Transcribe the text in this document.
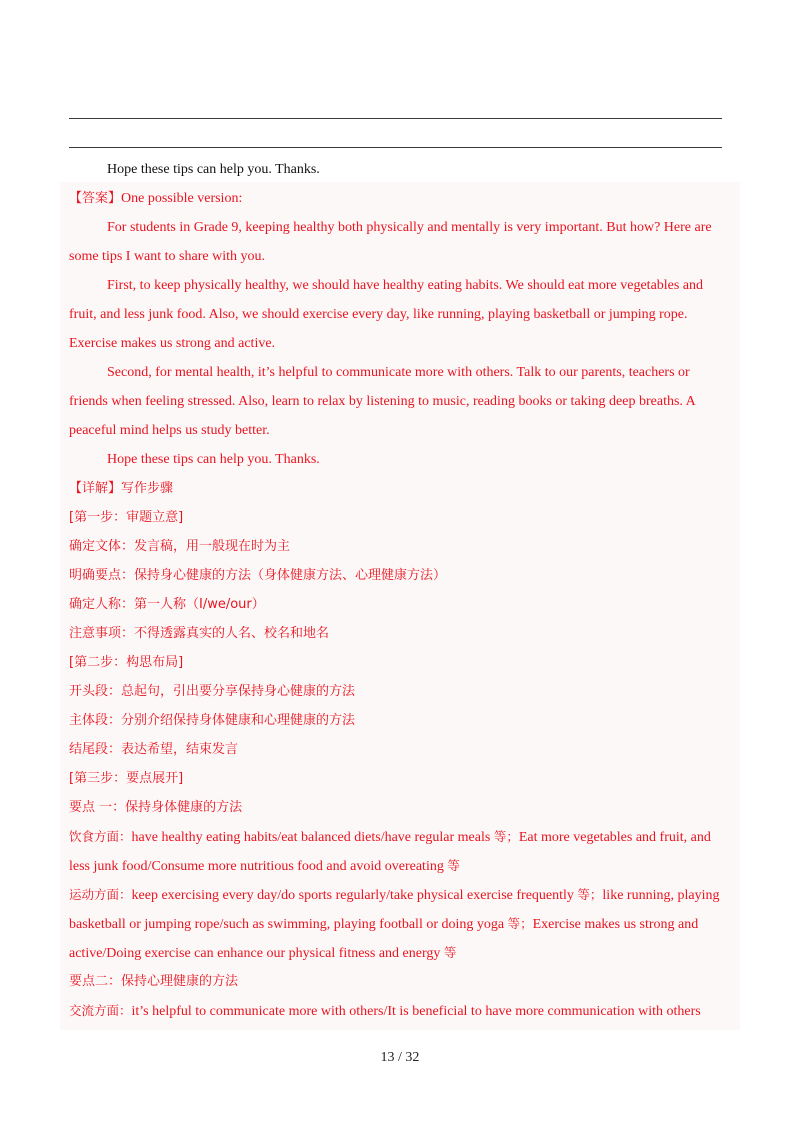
Hope these tips can help you. Thanks.
【答案】One possible version:
For students in Grade 9, keeping healthy both physically and mentally is very important. But how? Here are
some tips I want to share with you.
First, to keep physically healthy, we should have healthy eating habits. We should eat more vegetables and
fruit, and less junk food. Also, we should exercise every day, like running, playing basketball or jumping rope.
Exercise makes us strong and active.
Second, for mental health, it’s helpful to communicate more with others. Talk to our parents, teachers or
friends when feeling stressed. Also, learn to relax by listening to music, reading books or taking deep breaths. A
peaceful mind helps us study better.
Hope these tips can help you. Thanks.
【详解】写作步骤
[第一步：审题立意]
确定文体：发言稿，用一般现在时为主
明确要点：保持身心健康的方法（身体健康方法、心理健康方法）
确定人称：第一人称（I/we/our）
注意事项：不得透露真实的人名、校名和地名
[第二步：构思布局]
开头段：总起句，引出要分享保持身心健康的方法
主体段：分别介绍保持身体健康和心理健康的方法
结尾段：表达希望，结束发言
[第三步：要点展开]
要点 一：保持身体健康的方法
饮食方面：have healthy eating habits/eat balanced diets/have regular meals 等；Eat more vegetables and fruit, and
less junk food/Consume more nutritious food and avoid overeating 等
运动方面：keep exercising every day/do sports regularly/take physical exercise frequently 等；like running, playing
basketball or jumping rope/such as swimming, playing football or doing yoga 等；Exercise makes us strong and
active/Doing exercise can enhance our physical fitness and energy 等
要点二：保持心理健康的方法
交流方面：it’s helpful to communicate more with others/It is beneficial to have more communication with others
13 / 32
